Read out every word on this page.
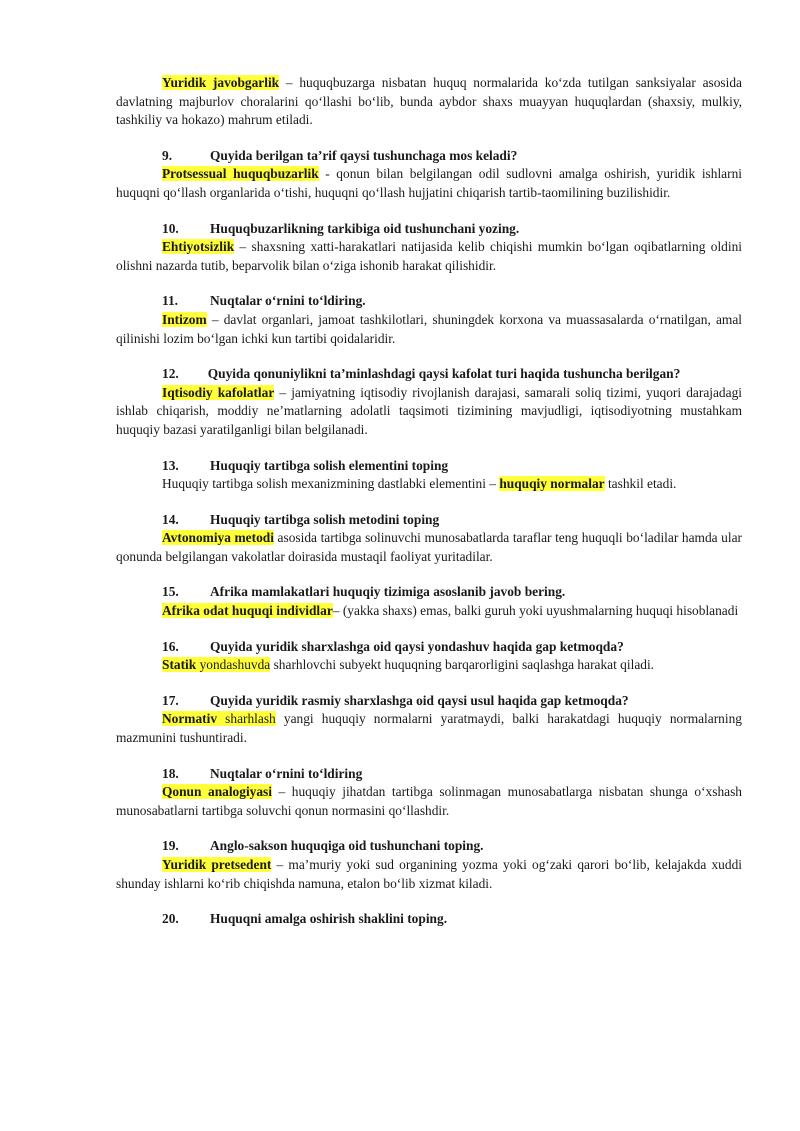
Yuridik javobgarlik – huquqbuzarga nisbatan huquq normalarida ko‘zda tutilgan sanksiyalar asosida davlatning majburlov choralarini qo‘llashi bo‘lib, bunda aybdor shaxs muayyan huquqlardan (shaxsiy, mulkiy, tashkiliy va hokazo) mahrum etiladi.
9.	Quyida berilgan ta’rif qaysi tushunchaga mos keladi?
Protsessual huquqbuzarlik - qonun bilan belgilangan odil sudlovni amalga oshirish, yuridik ishlarni huquqni qo‘llash organlarida o‘tishi, huquqni qo‘llash hujjatini chiqarish tartib-taomilining buzilishidir.
10.	Huquqbuzarlikning tarkibiga oid tushunchani yozing.
Ehtiyotsizlik – shaxsning xatti-harakatlari natijasida kelib chiqishi mumkin bo‘lgan oqibatlarning oldini olishni nazarda tutib, beparvolik bilan o‘ziga ishonib harakat qilishidir.
11.	Nuqtalar o‘rnini to‘ldiring.
Intizom – davlat organlari, jamoat tashkilotlari, shuningdek korxona va muassasalarda o‘rnatilgan, amal qilinishi lozim bo‘lgan ichki kun tartibi qoidalaridir.
12. Quyida qonuniylikni ta’minlashdagi qaysi kafolat turi haqida tushuncha berilgan?
Iqtisodiy kafolatlar – jamiyatning iqtisodiy rivojlanish darajasi, samarali soliq tizimi, yuqori darajadagi ishlab chiqarish, moddiy ne’matlarning adolatli taqsimoti tizimining mavjudligi, iqtisodiyotning mustahkam huquqiy bazasi yaratilganligi bilan belgilanadi.
13.	Huquqiy tartibga solish elementini toping
Huquqiy tartibga solish mexanizmining dastlabki elementini – huquqiy normalar tashkil etadi.
14.	Huquqiy tartibga solish metodini toping
Avtonomiya metodi asosida tartibga solinuvchi munosabatlarda taraflar teng huquqli bo‘ladilar hamda ular qonunda belgilangan vakolatlar doirasida mustaqil faoliyat yuritadilar.
15.	Afrika mamlakatlari huquqiy tizimiga asoslanib javob bering.
Afrika odat huquqi individlar– (yakka shaxs) emas, balki guruh yoki uyushmalarning huquqi hisoblanadi
16.	Quyida yuridik sharxlashga oid qaysi yondashuv haqida gap ketmoqda?
Statik yondashuvda sharhlovchi subyekt huquqning barqarorligini saqlashga harakat qiladi.
17.	Quyida yuridik rasmiy sharxlashga oid qaysi usul haqida gap ketmoqda?
Normativ sharhlash yangi huquqiy normalarni yaratmaydi, balki harakatdagi huquqiy normalarning mazmunini tushuntiradi.
18.	Nuqtalar o‘rnini to‘ldiring
Qonun analogiyasi – huquqiy jihatdan tartibga solinmagan munosabatlarga nisbatan shunga o‘xshash munosabatlarni tartibga soluvchi qonun normasini qo‘llashdir.
19.	Anglo-sakson huquqiga oid tushunchani toping.
Yuridik pretsedent – ma’muriy yoki sud organining yozma yoki og‘zaki qarori bo‘lib, kelajakda xuddi shunday ishlarni ko‘rib chiqishda namuna, etalon bo‘lib xizmat kiladi.
20.	Huquqni amalga oshirish shaklini toping.
